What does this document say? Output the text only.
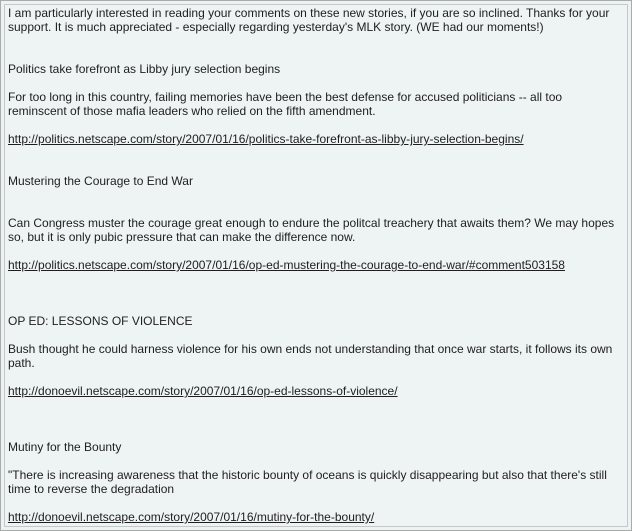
I am particularly interested in reading your comments on these new stories, if you are so inclined. Thanks for your support. It is much appreciated - especially regarding yesterday's MLK story. (WE had our moments!)

Politics take forefront as Libby jury selection begins

For too long in this country, failing memories have been the best defense for accused politicians -- all too reminscent of those mafia leaders who relied on the fifth amendment.

http://politics.netscape.com/story/2007/01/16/politics-take-forefront-as-libby-jury-selection-begins/

Mustering the Courage to End War

Can Congress muster the courage great enough to endure the politcal treachery that awaits them? We may hopes so, but it is only pubic pressure that can make the difference now.

http://politics.netscape.com/story/2007/01/16/op-ed-mustering-the-courage-to-end-war/#comment503158

OP ED: LESSONS OF VIOLENCE

Bush thought he could harness violence for his own ends not understanding that once war starts, it follows its own path.

http://donoevil.netscape.com/story/2007/01/16/op-ed-lessons-of-violence/

Mutiny for the Bounty

"There is increasing awareness that the historic bounty of oceans is quickly disappearing but also that there's still time to reverse the degradation

http://donoevil.netscape.com/story/2007/01/16/mutiny-for-the-bounty/
